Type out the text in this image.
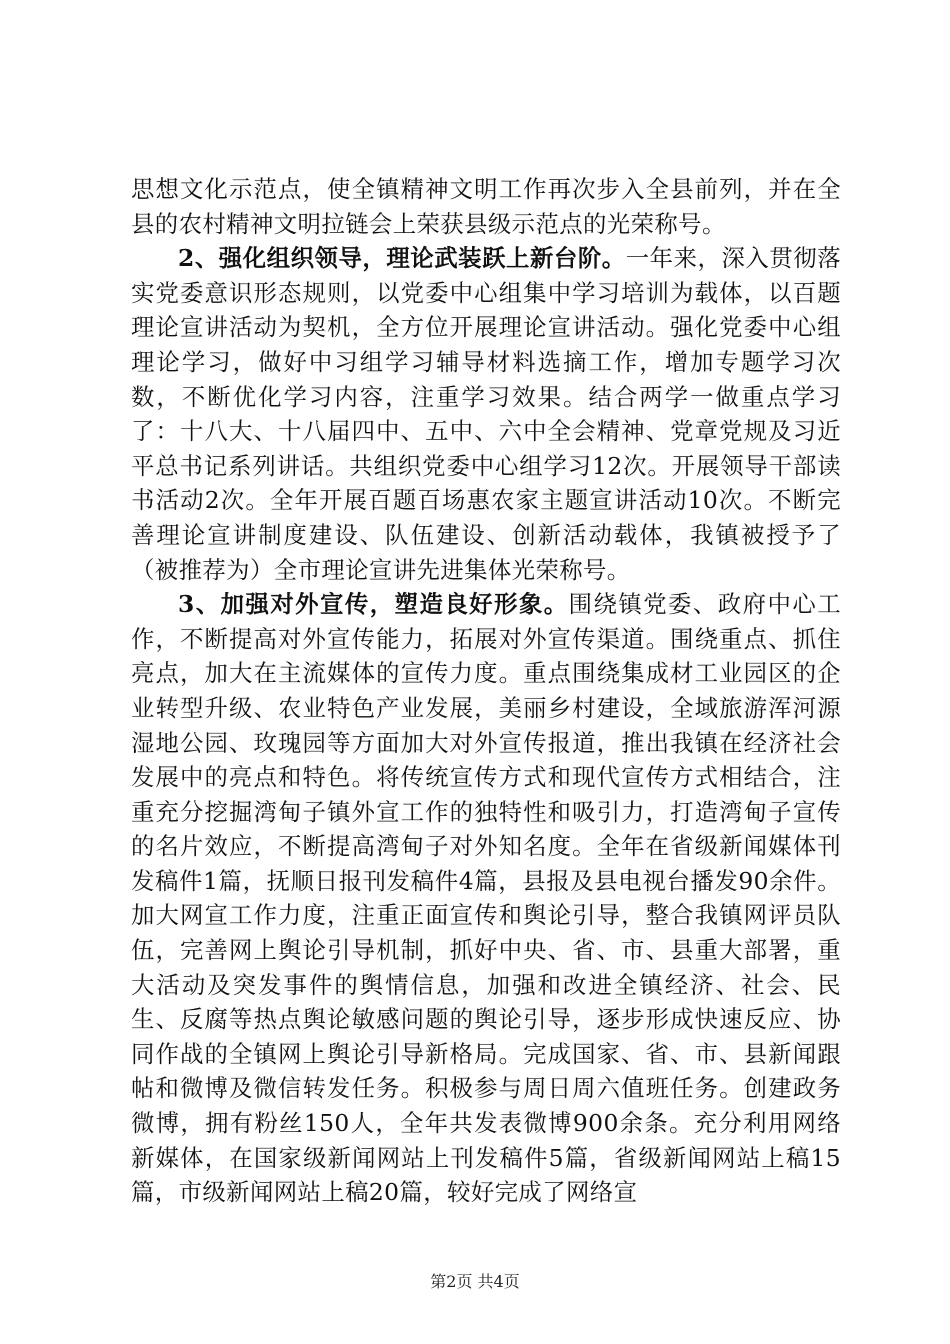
思想文化示范点，使全镇精神文明工作再次步入全县前列，并在全县的农村精神文明拉链会上荣获县级示范点的光荣称号。

2、强化组织领导，理论武装跃上新台阶。一年来，深入贯彻落实党委意识形态规则，以党委中心组集中学习培训为载体，以百题理论宣讲活动为契机，全方位开展理论宣讲活动。强化党委中心组理论学习，做好中习组学习辅导材料选摘工作，增加专题学习次数，不断优化学习内容，注重学习效果。结合两学一做重点学习了：十八大、十八届四中、五中、六中全会精神、党章党规及习近平总书记系列讲话。共组织党委中心组学习12次。开展领导干部读书活动2次。全年开展百题百场惠农家主题宣讲活动10次。不断完善理论宣讲制度建设、队伍建设、创新活动载体，我镇被授予了（被推荐为）全市理论宣讲先进集体光荣称号。

3、加强对外宣传，塑造良好形象。围绕镇党委、政府中心工作，不断提高对外宣传能力，拓展对外宣传渠道。围绕重点、抓住亮点，加大在主流媒体的宣传力度。重点围绕集成材工业园区的企业转型升级、农业特色产业发展，美丽乡村建设，全域旅游浑河源湿地公园、玫瑰园等方面加大对外宣传报道，推出我镇在经济社会发展中的亮点和特色。将传统宣传方式和现代宣传方式相结合，注重充分挖掘湾甸子镇外宣工作的独特性和吸引力，打造湾甸子宣传的名片效应，不断提高湾甸子对外知名度。全年在省级新闻媒体刊发稿件1篇，抚顺日报刊发稿件4篇，县报及县电视台播发90余件。加大网宣工作力度，注重正面宣传和舆论引导，整合我镇网评员队伍，完善网上舆论引导机制，抓好中央、省、市、县重大部署，重大活动及突发事件的舆情信息，加强和改进全镇经济、社会、民生、反腐等热点舆论敏感问题的舆论引导，逐步形成快速反应、协同作战的全镇网上舆论引导新格局。完成国家、省、市、县新闻跟帖和微博及微信转发任务。积极参与周日周六值班任务。创建政务微博，拥有粉丝150人，全年共发表微博900余条。充分利用网络新媒体，在国家级新闻网站上刊发稿件5篇，省级新闻网站上稿15篇，市级新闻网站上稿20篇，较好完成了网络宣

第2页 共4页
